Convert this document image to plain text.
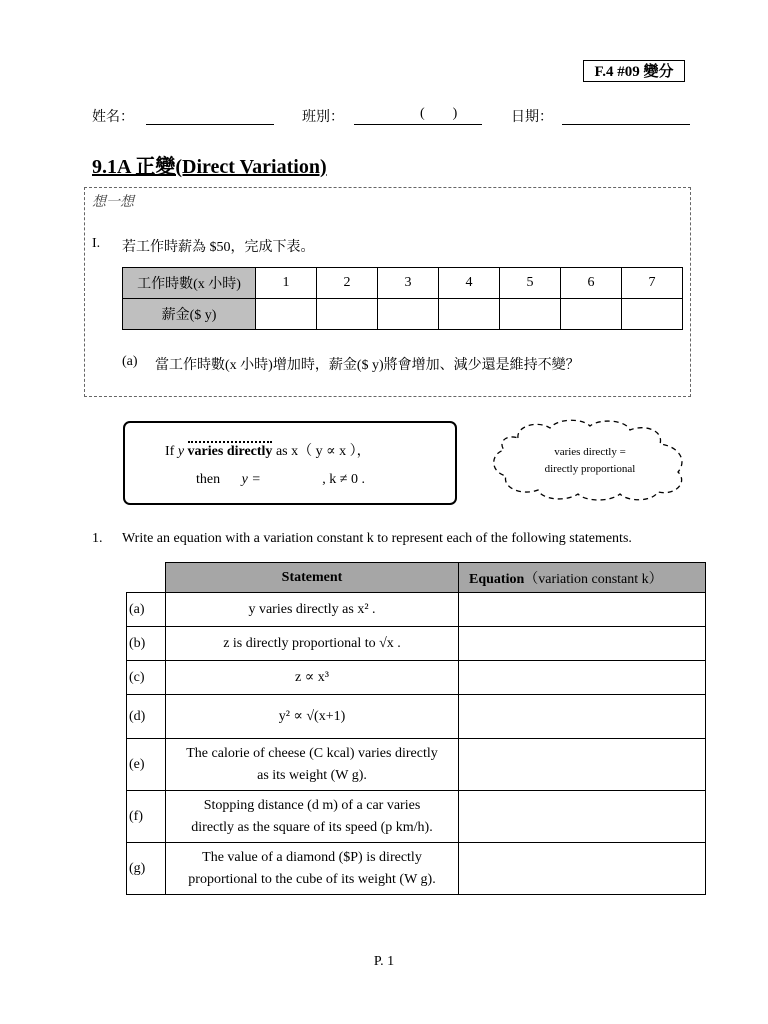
F.4 #09 變分
姓名：	班別：	(        )	日期：
9.1A 正變(Direct Variation)
想一想
I. 若工作時薪為 $50，完成下表。
工作時數(x 小時)	1	2	3	4	5	6	7
薪金($ y)							
(a) 當工作時數(x 小時)增加時，薪金($ y)將會增加、減少還是維持不變？
If y varies directly as x（ y ∝ x ），
then y =	, k ≠ 0 .
varies directly =
directly proportional
1. Write an equation with a variation constant k to represent each of the following statements.
	Statement	Equation（variation constant k）
(a)	y varies directly as x² .	
(b)	z is directly proportional to √x .	
(c)	z ∝ x³	
(d)	y² ∝ √(x+1)	
(e)	The calorie of cheese (C kcal) varies directly
as its weight (W g).	

(f)	Stopping distance (d m) of a car varies
directly as the square of its speed (p km/h).	

(g)	The value of a diamond ($P) is directly
proportional to the cube of its weight (W g).	

P. 1
